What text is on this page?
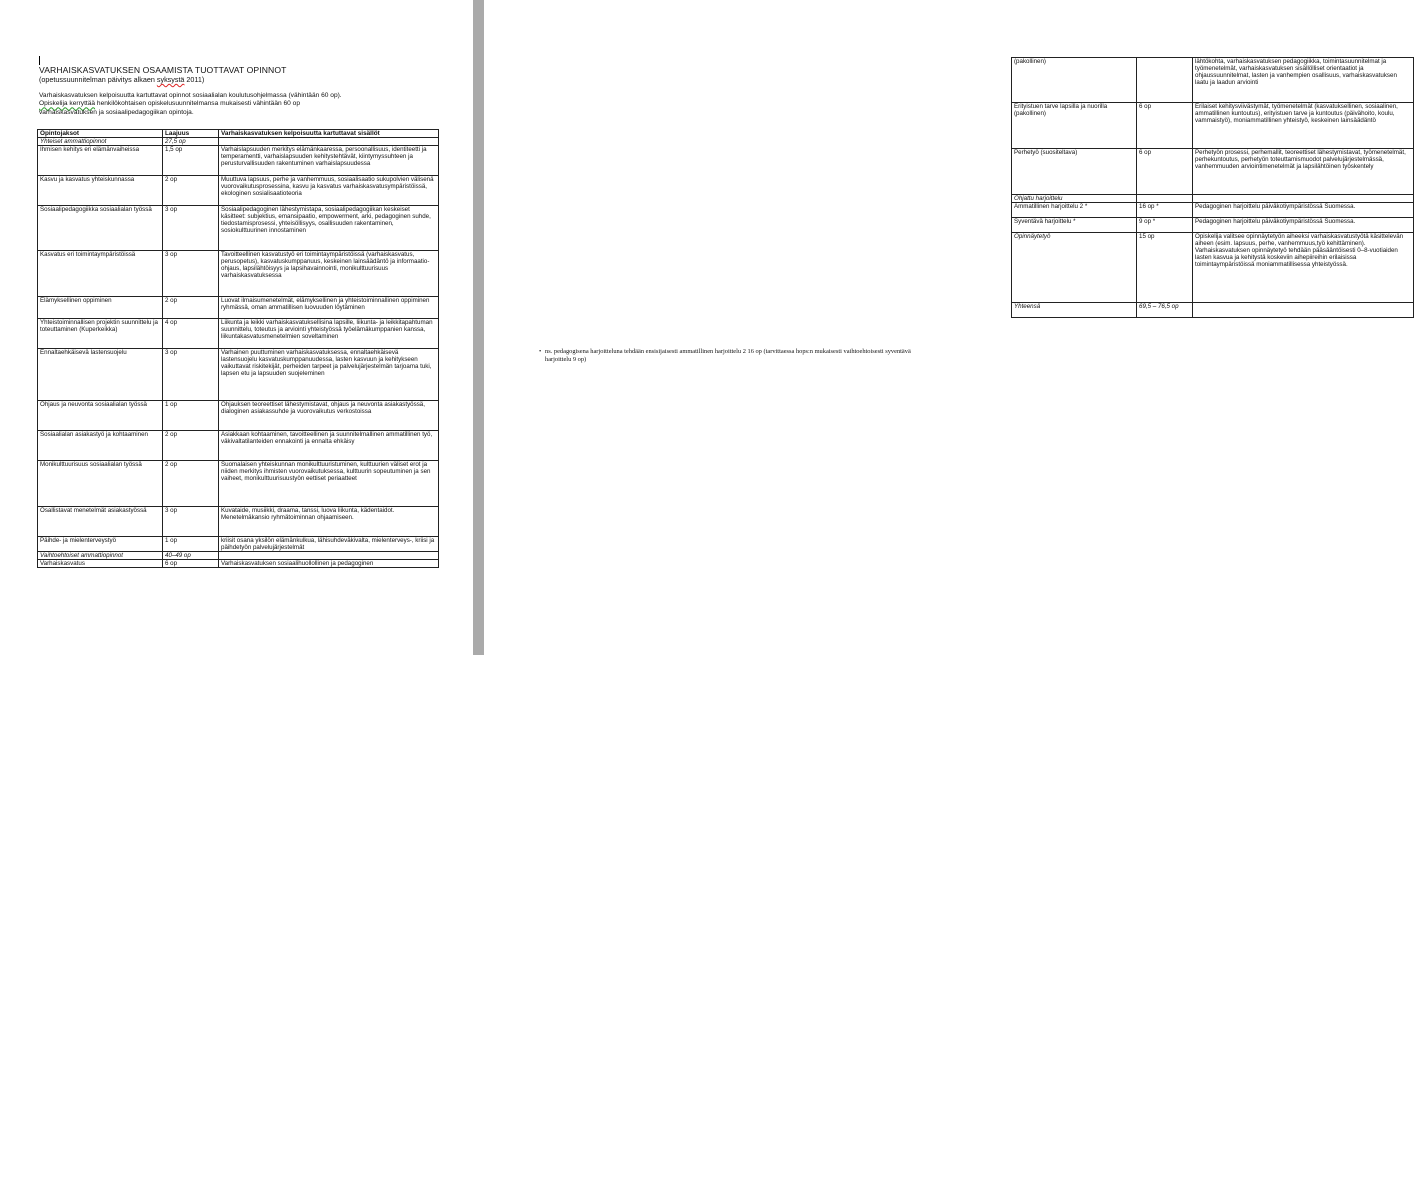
VARHAISKASVATUKSEN OSAAMISTA TUOTTAVAT OPINNOT
(opetussuunnitelman päivitys alkaen syksystä 2011)
Varhaiskasvatuksen kelpoisuutta kartuttavat opinnot sosiaalialan koulutusohjelmassa (vähintään 60 op).
Opiskelija kerryttää henkilökohtaisen opiskelusuunnitelmansa mukaisesti vähintään 60 op
varhaiskasvatuksen ja sosiaalipedagogiikan opintoja.
Opintojaksot	Laajuus	Varhaiskasvatuksen kelpoisuutta kartuttavat sisällöt
Yhteiset ammattiopinnot	27,5 op	
Ihmisen kehitys eri elämänvaiheissa	1,5 op	Varhaislapsuuden merkitys elämänkaaressa, persoonallisuus, identiteetti ja temperamentti, varhaislapsuuden kehitystehtävät, kiintymyssuhteen ja perusturvallisuuden rakentuminen varhaislapsuudessa
Kasvu ja kasvatus yhteiskunnassa	2 op	Muuttuva lapsuus, perhe ja vanhemmuus, sosiaalisaatio sukupolvien välisenä vuorovaikutusprosessina, kasvu ja kasvatus varhaiskasvatusympäristöissä, ekologinen sosialisaatioteoria
Sosiaalipedagogiikka sosiaalialan työssä	3 op	Sosiaalipedagoginen lähestymistapa, sosiaalipedagogiikan keskeiset käsitteet: subjektius, emansipaatio, empowerment, arki, pedagoginen suhde, tiedostamisprosessi, yhteisöllisyys, osallisuuden rakentaminen, sosiokulttuurinen innostaminen
Kasvatus eri toimintaympäristöissä	3 op	Tavoitteellinen kasvatustyö eri toimintaympäristöissä (varhaiskasvatus, perusopetus), kasvatuskumppanuus, keskeinen lainsäädäntö ja informaatio-ohjaus, lapsilähtöisyys ja lapsihavainnointi, monikulttuurisuus varhaiskasvatuksessa
Elämyksellinen oppiminen	2 op	Luovat ilmaisumenetelmät, elämyksellinen ja yhteistoiminnallinen oppiminen ryhmässä, oman ammatillisen luovuuden löytäminen
Yhteistoiminnallisen projektin suunnittelu ja toteuttaminen (Kuperkeikka)	4 op	Liikunta ja leikki varhaiskasvatuksellisina lapsille, liikunta- ja leikkitapahtuman suunnittelu, toteutus ja arviointi yhteistyössä työelämäkumppanien kanssa, liikuntakasvatusmenetelmien soveltaminen
Ennaltaehkäisevä lastensuojelu	3 op	Varhainen puuttuminen varhaiskasvatuksessa, ennaltaehkäisevä lastensuojelu kasvatuskumppanuudessa, lasten kasvuun ja kehitykseen vaikuttavat riskitekijät, perheiden tarpeet ja palvelujärjestelmän tarjoama tuki, lapsen etu ja lapsuuden suojeleminen
Ohjaus ja neuvonta sosiaalialan työssä	1 op	Ohjauksen teoreettiset lähestymistavat, ohjaus ja neuvonta asiakastyössä, dialoginen asiakassuhde ja vuorovaikutus verkostoissa
Sosiaalialan asiakastyö ja kohtaaminen	2 op	Asiakkaan kohtaaminen, tavoitteellinen ja suunnitelmallinen ammatillinen työ, väkivaltatilanteiden ennakointi ja ennalta ehkäisy
Monikulttuurisuus sosiaalialan työssä	2 op	Suomalaisen yhteiskunnan monikulttuuristuminen, kulttuurien väliset erot ja niiden merkitys ihmisten vuorovaikutuksessa, kulttuurin sopeutuminen ja sen vaiheet, monikulttuurisuustyön eettiset periaatteet
Osallistavat menetelmät asiakastyössä	3 op	Kuvataide, musiikki, draama, tanssi, luova liikunta, kädentaidot. Menetelmäkansio ryhmätoiminnan ohjaamiseen.
Päihde- ja mielenterveystyö	1 op	kriisit osana yksilön elämänkulkua, lähisuhdeväkivalta, mielenterveys-, kriisi ja päihdetyön palvelujärjestelmät
Vaihtoehtoiset ammattiopinnot	40–49 op	
Varhaiskasvatus	6 op	Varhaiskasvatuksen sosiaalihuollollinen ja pedagoginen
(pakollinen)		lähtökohta, varhaiskasvatuksen pedagogiikka, toimintasuunnitelmat ja työmenetelmät, varhaiskasvatuksen sisällölliset orientaatiot ja ohjaussuunnitelmat, lasten ja vanhempien osallisuus, varhaiskasvatuksen laatu ja laadun arviointi
Erityistuen tarve lapsilla ja nuorilla (pakollinen)	6 op	Erilaiset kehitysviivästymät, työmenetelmät (kasvatuksellinen, sosiaalinen, ammatillinen kuntoutus), erityistuen tarve ja kuntoutus (päivähoito, koulu, vammaistyö), moniammatillinen yhteistyö, keskeinen lainsäädäntö
Perhetyö (suositeltava)	6 op	Perhetyön prosessi, perhemallit, teoreettiset lähestymistavat, työmenetelmät, perhekuntoutus, perhetyön toteuttamismuodot palvelujärjestelmässä, vanhemmuuden arviointimenetelmät ja lapsilähtöinen työskentely
Ohjattu harjoittelu		
Ammatillinen harjoittelu 2 *	16 op *	Pedagoginen harjoittelu päiväkotiympäristössä Suomessa.
Syventävä harjoittelu *	9 op *	Pedagoginen harjoittelu päiväkotiympäristössä Suomessa.
Opinnäytetyö	15 op	Opiskelija valitsee opinnäytetyön aiheeksi varhaiskasvatustyötä käsittelevän aiheen (esim. lapsuus, perhe, vanhemmuus,työ kehittäminen). Varhaiskasvatuksen opinnäytetyö tehdään pääsääntöisesti 0–8-vuotiaiden lasten kasvua ja kehitystä koskeviin aihepiireihin erilaisissa toimintaympäristöissä moniammatillisessa yhteistyössä.
Yhteensä	69,5 – 76,5 op	
• ns. pedagogisena harjoitteluna tehdään ensisijaisesti ammatillinen harjoittelu 2 16 op (tarvittaessa hops:n mukaisesti vaihtoehtoisesti syventävä harjoittelu 9 op)
